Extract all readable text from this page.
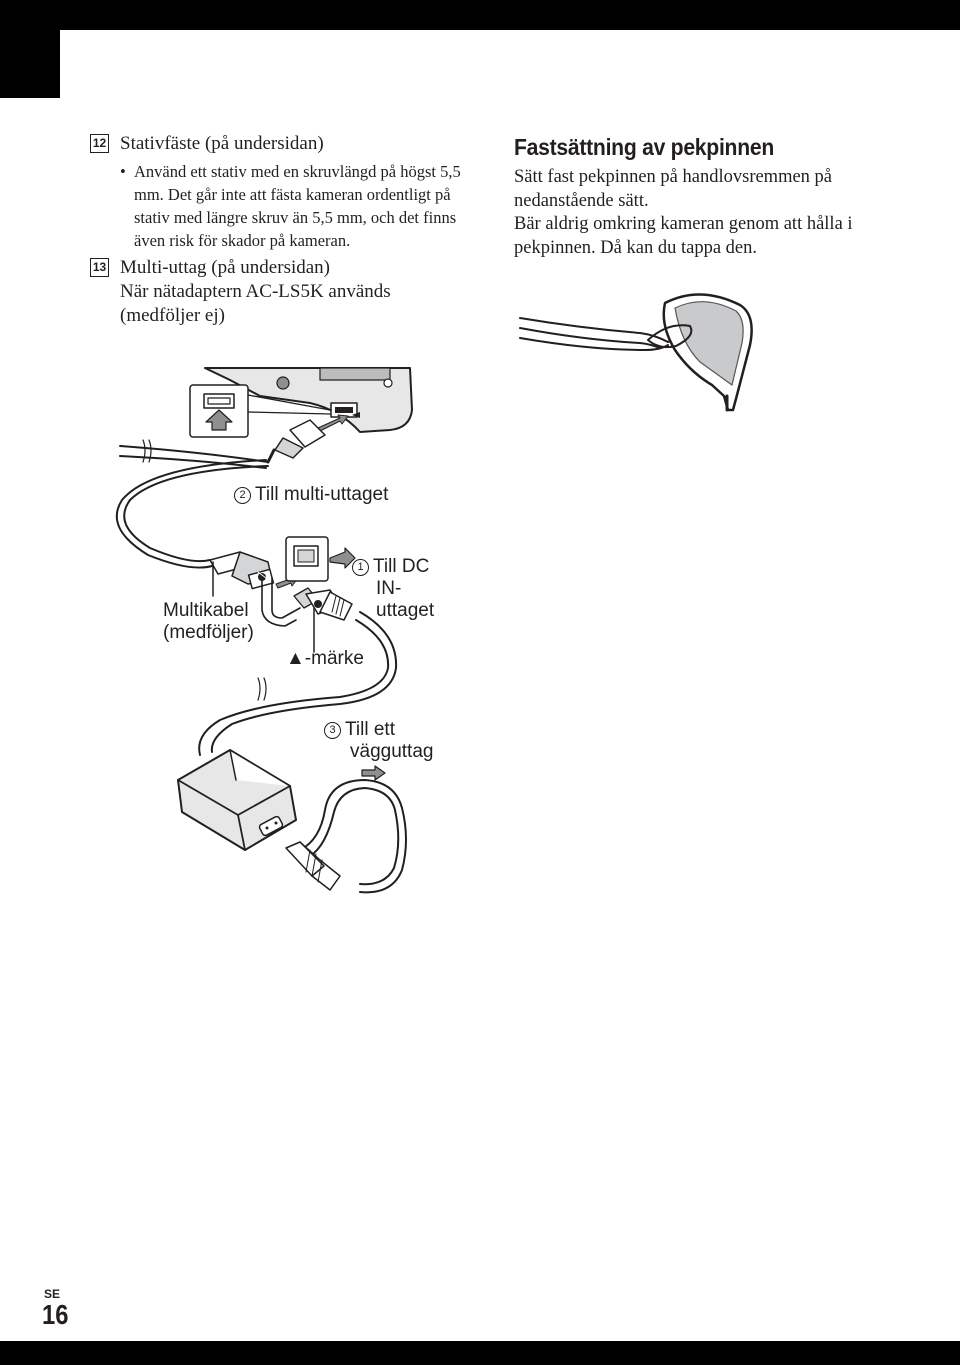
12 Stativfäste (på undersidan)
• Använd ett stativ med en skruvlängd på högst 5,5 mm. Det går inte att fästa kameran ordentligt på stativ med längre skruv än 5,5 mm, och det finns även risk för skador på kameran.
13 Multi-uttag (på undersidan)
När nätadaptern AC-LS5K används (medföljer ej)
Fastsättning av pekpinnen
Sätt fast pekpinnen på handlovsremmen på nedanstående sätt.
Bär aldrig omkring kameran genom att hålla i pekpinnen. Då kan du tappa den.
2 Till multi-uttaget
1 Till DC
IN-
uttaget
Multikabel
(medföljer)
▲-märke
3 Till ett
vägguttag
SE
16
